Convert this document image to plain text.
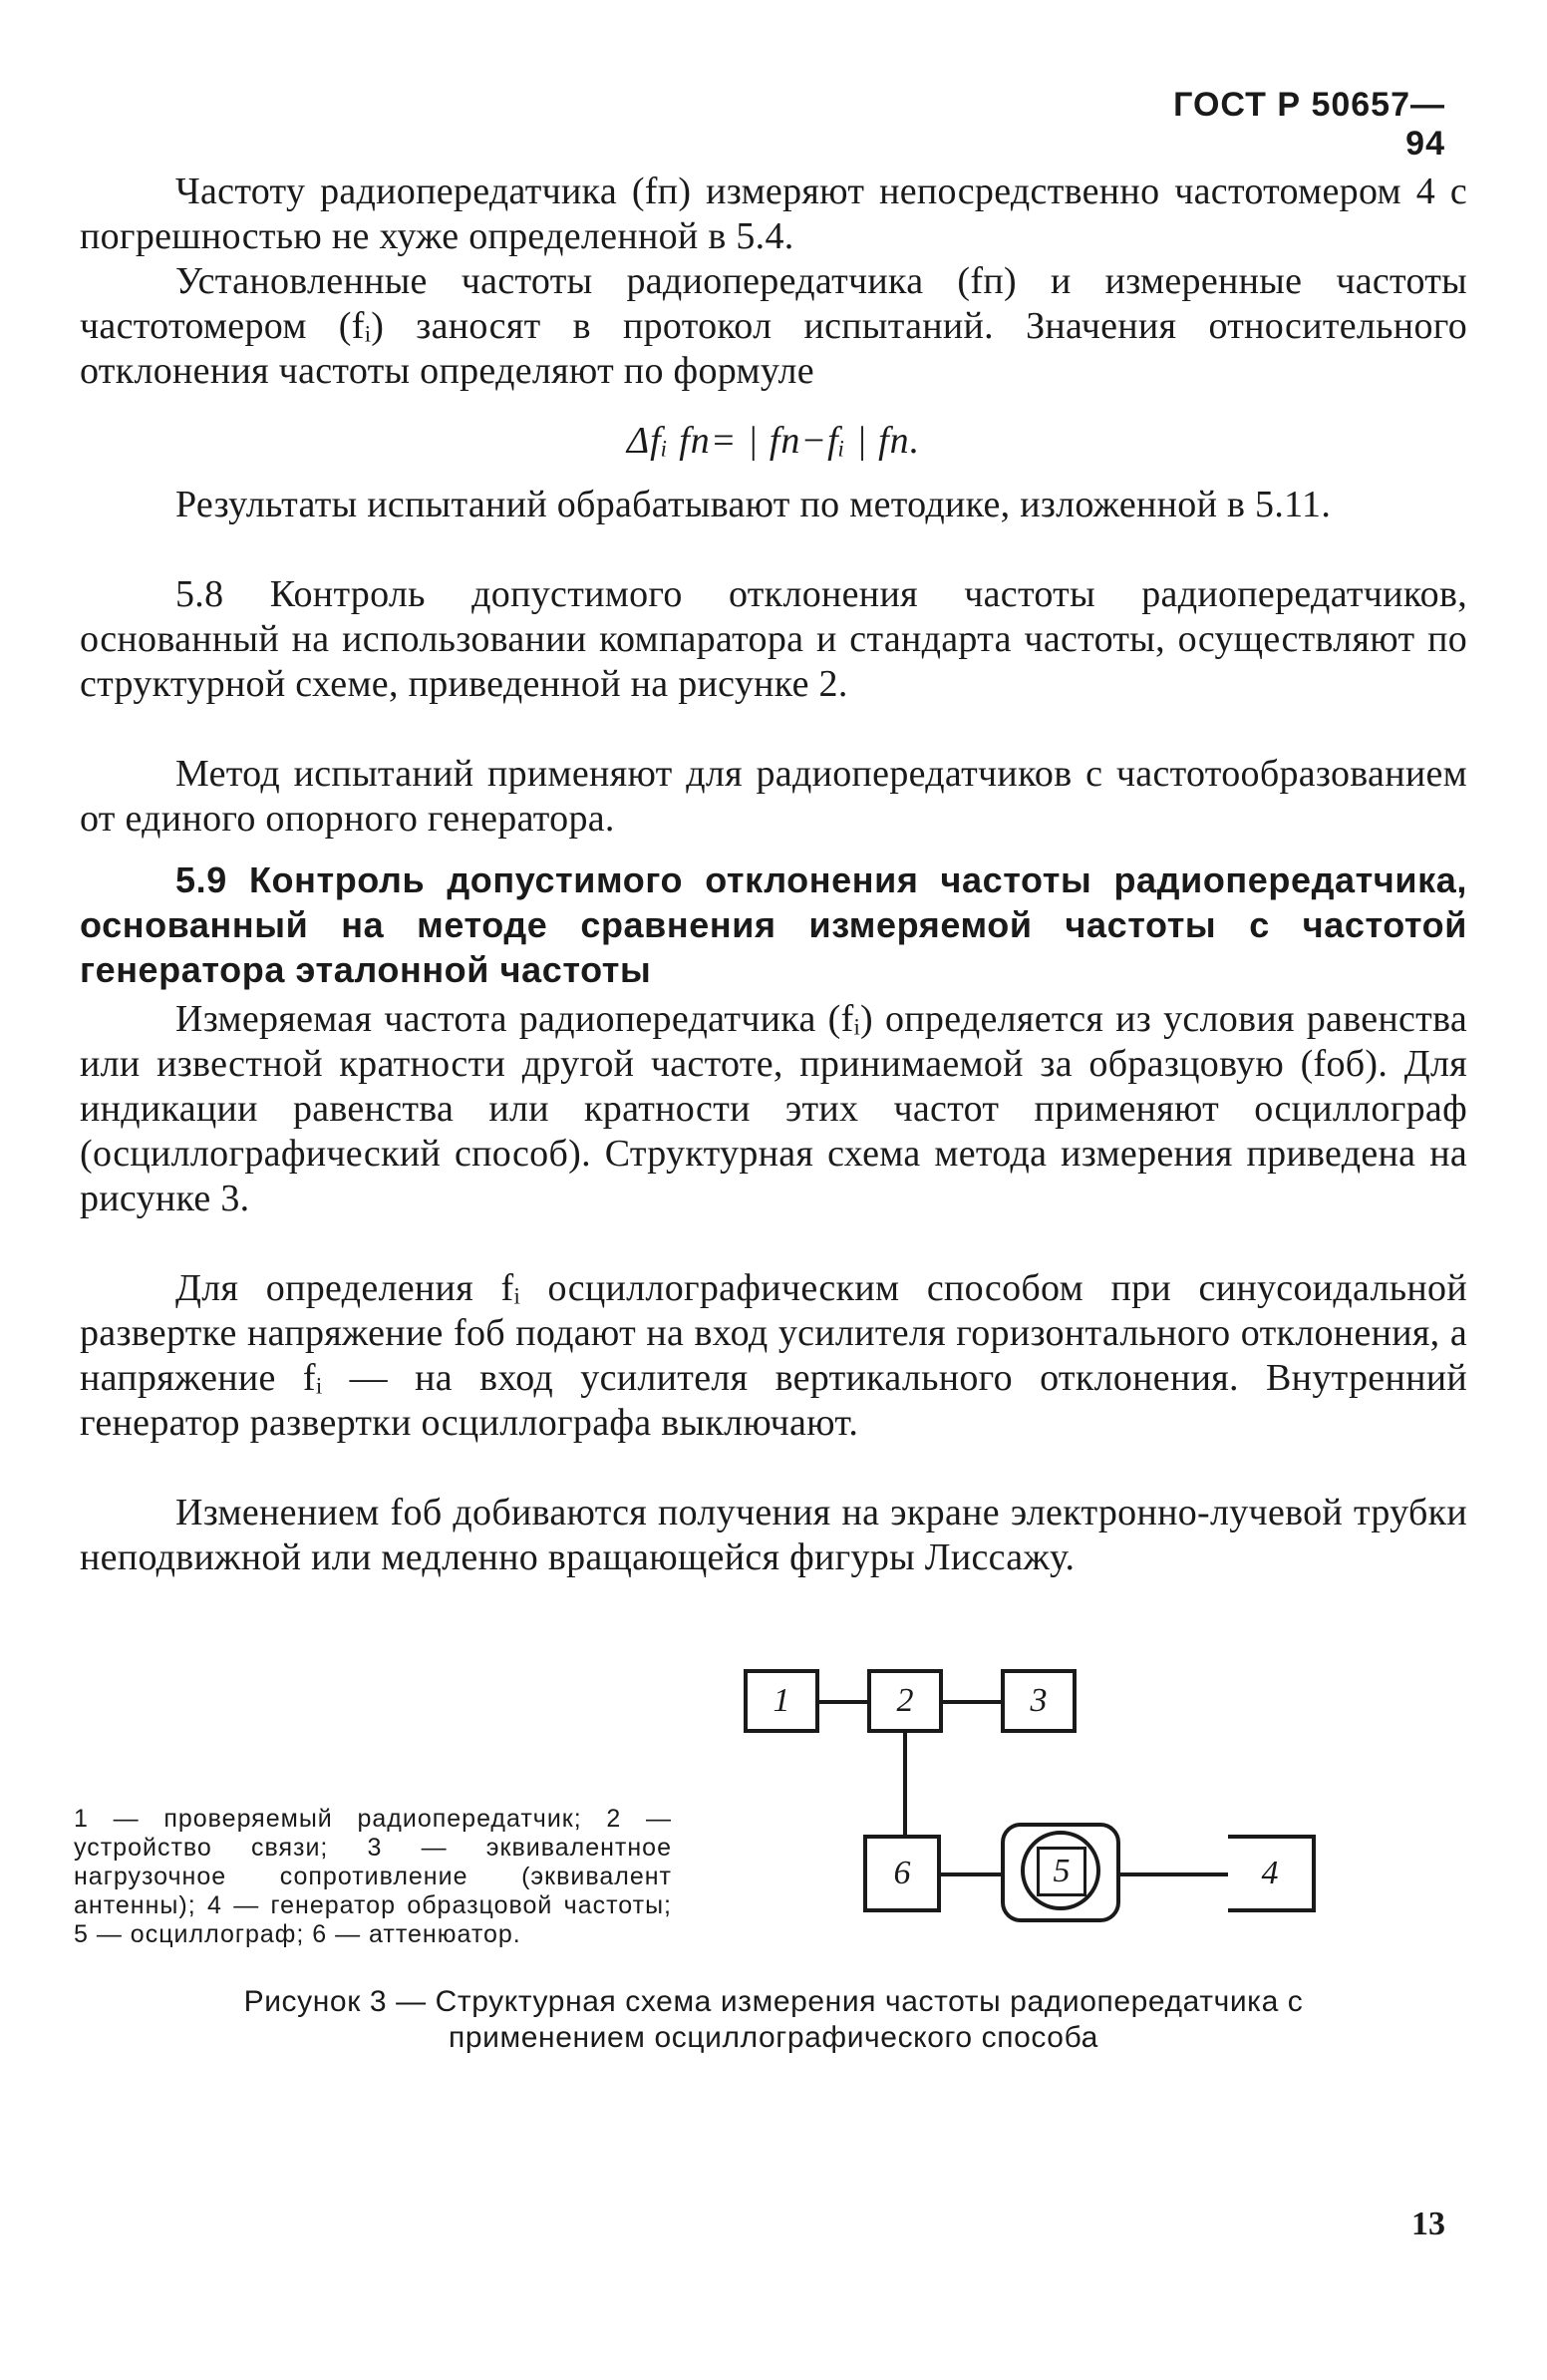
ГОСТ Р 50657—94

Частоту радиопередатчика (fп) измеряют непосредственно частотомером 4 с погрешностью не хуже определенной в 5.4.

Установленные частоты радиопередатчика (fп) и измеренные частоты частотомером (fᵢ) заносят в протокол испытаний. Значения относительного отклонения частоты определяют по формуле

Δfᵢ fп= | fп−fᵢ | fп.

Результаты испытаний обрабатывают по методике, изложенной в 5.11.

5.8 Контроль допустимого отклонения частоты радиопередатчиков, основанный на использовании компаратора и стандарта частоты, осуществляют по структурной схеме, приведенной на рисунке 2.

Метод испытаний применяют для радиопередатчиков с частотообразованием от единого опорного генератора.

5.9 Контроль допустимого отклонения частоты радиопередатчика, основанный на методе сравнения измеряемой частоты с частотой генератора эталонной частоты

Измеряемая частота радиопередатчика (fᵢ) определяется из условия равенства или известной кратности другой частоте, принимаемой за образцовую (fоб). Для индикации равенства или кратности этих частот применяют осциллограф (осциллографический способ). Структурная схема метода измерения приведена на рисунке 3.

Для определения fᵢ осциллографическим способом при синусоидальной развертке напряжение fоб подают на вход усилителя горизонтального отклонения, а напряжение fᵢ — на вход усилителя вертикального отклонения. Внутренний генератор развертки осциллографа выключают.

Изменением fоб добиваются получения на экране электронно-лучевой трубки неподвижной или медленно вращающейся фигуры Лиссажу.

1	2	3
6	5	4
1 — проверяемый радиопередатчик; 2 — устройство связи; 3 — эквивалентное нагрузочное сопротивление (эквивалент антенны); 4 — генератор образцовой частоты; 5 — осциллограф; 6 — аттенюатор.
Рисунок 3 — Структурная схема измерения частоты радиопередатчика с
применением осциллографического способа
13
